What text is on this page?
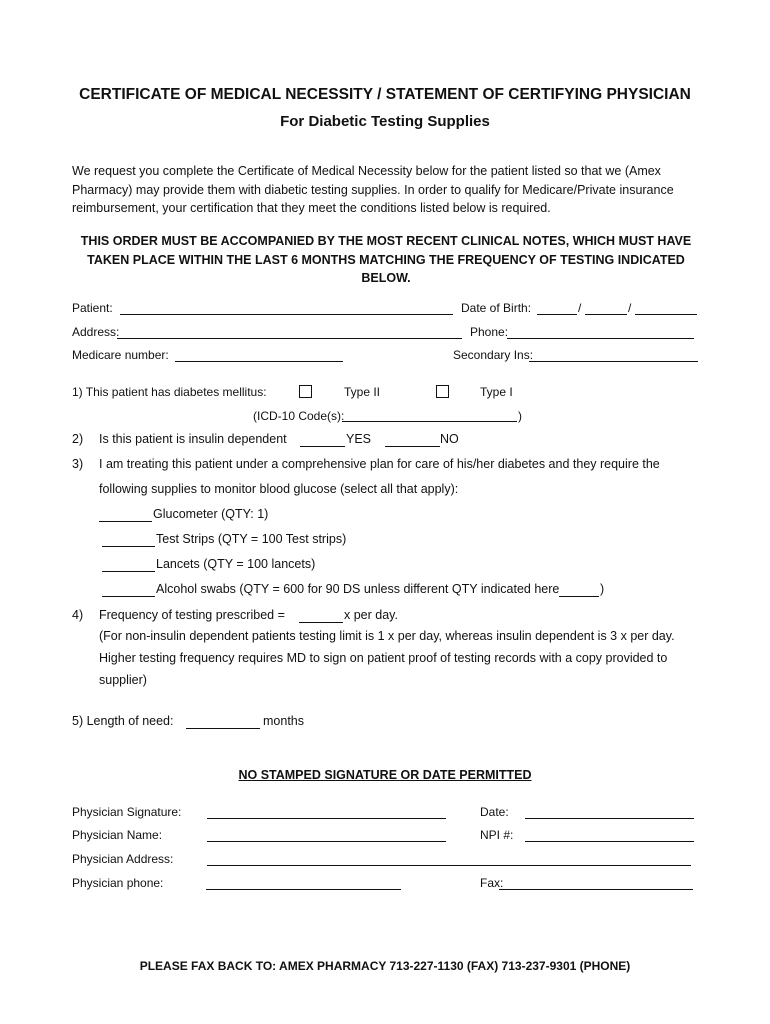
CERTIFICATE OF MEDICAL NECESSITY / STATEMENT OF CERTIFYING PHYSICIAN
For Diabetic Testing Supplies
We request you complete the Certificate of Medical Necessity below for the patient listed so that we (Amex Pharmacy) may provide them with diabetic testing supplies. In order to qualify for Medicare/Private insurance reimbursement, your certification that they meet the conditions listed below is required.
THIS ORDER MUST BE ACCOMPANIED BY THE MOST RECENT CLINICAL NOTES, WHICH MUST HAVE TAKEN PLACE WITHIN THE LAST 6 MONTHS MATCHING THE FREQUENCY OF TESTING INDICATED BELOW.
Patient:	Date of Birth:	/	/
Address:	Phone:
Medicare number:	Secondary Ins:
1) This patient has diabetes mellitus:	Type II	Type I
(ICD-10 Code(s):	)
2) Is this patient is insulin dependent	YES	NO
3) I am treating this patient under a comprehensive plan for care of his/her diabetes and they require the
following supplies to monitor blood glucose (select all that apply):
Glucometer (QTY: 1)
Test Strips (QTY = 100 Test strips)
Lancets (QTY = 100 lancets)
Alcohol swabs (QTY = 600 for 90 DS unless different QTY indicated here	)
4) Frequency of testing prescribed =	x per day.
(For non-insulin dependent patients testing limit is 1 x per day, whereas insulin dependent is 3 x per day.
Higher testing frequency requires MD to sign on patient proof of testing records with a copy provided to
supplier)
5) Length of need:	months
NO STAMPED SIGNATURE OR DATE PERMITTED
Physician Signature:	Date:
Physician Name:	NPI #:
Physician Address:
Physician phone:	Fax:
PLEASE FAX BACK TO: AMEX PHARMACY 713-227-1130 (FAX) 713-237-9301 (PHONE)
